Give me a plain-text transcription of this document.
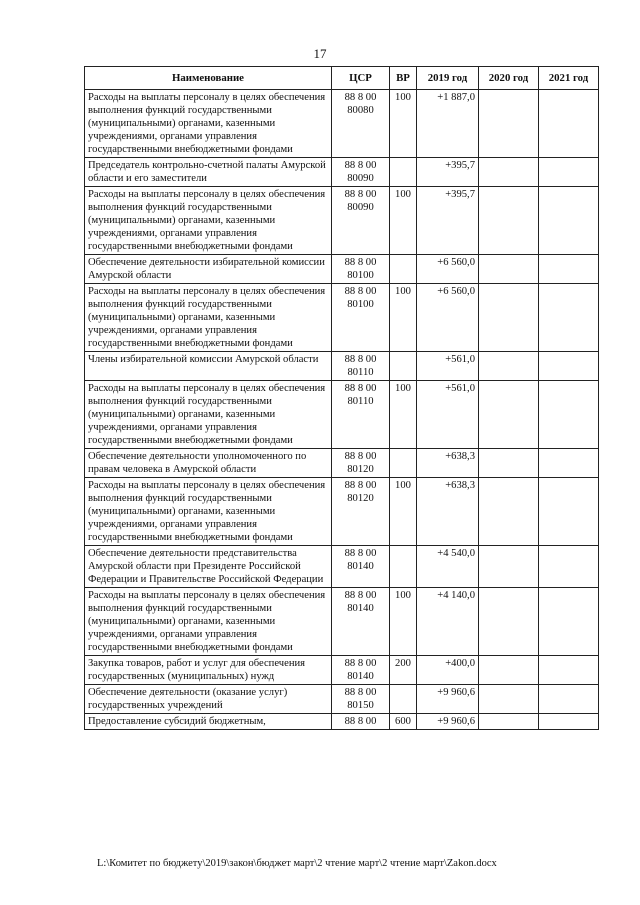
17
Наименование	ЦСР	ВР	2019 год	2020 год	2021 год
Расходы на выплаты персоналу в целях обеспечения выполнения функций государственными (муниципальными) органами, казенными учреждениями, органами управления государственными внебюджетными фондами	88 8 00 80080	100	+1 887,0		
Председатель контрольно-счетной палаты Амурской области и его заместители	88 8 00 80090		+395,7		
Расходы на выплаты персоналу в целях обеспечения выполнения функций государственными (муниципальными) органами, казенными учреждениями, органами управления государственными внебюджетными фондами	88 8 00 80090	100	+395,7		
Обеспечение деятельности избирательной комиссии Амурской области	88 8 00 80100		+6 560,0		
Расходы на выплаты персоналу в целях обеспечения выполнения функций государственными (муниципальными) органами, казенными учреждениями, органами управления государственными внебюджетными фондами	88 8 00 80100	100	+6 560,0		
Члены избирательной комиссии Амурской области	88 8 00 80110		+561,0		
Расходы на выплаты персоналу в целях обеспечения выполнения функций государственными (муниципальными) органами, казенными учреждениями, органами управления государственными внебюджетными фондами	88 8 00 80110	100	+561,0		
Обеспечение деятельности уполномоченного по правам человека в Амурской области	88 8 00 80120		+638,3		
Расходы на выплаты персоналу в целях обеспечения выполнения функций государственными (муниципальными) органами, казенными учреждениями, органами управления государственными внебюджетными фондами	88 8 00 80120	100	+638,3		
Обеспечение деятельности представительства Амурской области при Президенте Российской Федерации и Правительстве Российской Федерации	88 8 00 80140		+4 540,0		
Расходы на выплаты персоналу в целях обеспечения выполнения функций государственными (муниципальными) органами, казенными учреждениями, органами управления государственными внебюджетными фондами	88 8 00 80140	100	+4 140,0		
Закупка товаров, работ и услуг для обеспечения государственных (муниципальных) нужд	88 8 00 80140	200	+400,0		
Обеспечение деятельности (оказание услуг) государственных учреждений	88 8 00 80150		+9 960,6		
Предоставление субсидий бюджетным,	88 8 00	600	+9 960,6		
L:\Комитет по бюджету\2019\закон\бюджет март\2 чтение март\2 чтение март\Zakon.docx
